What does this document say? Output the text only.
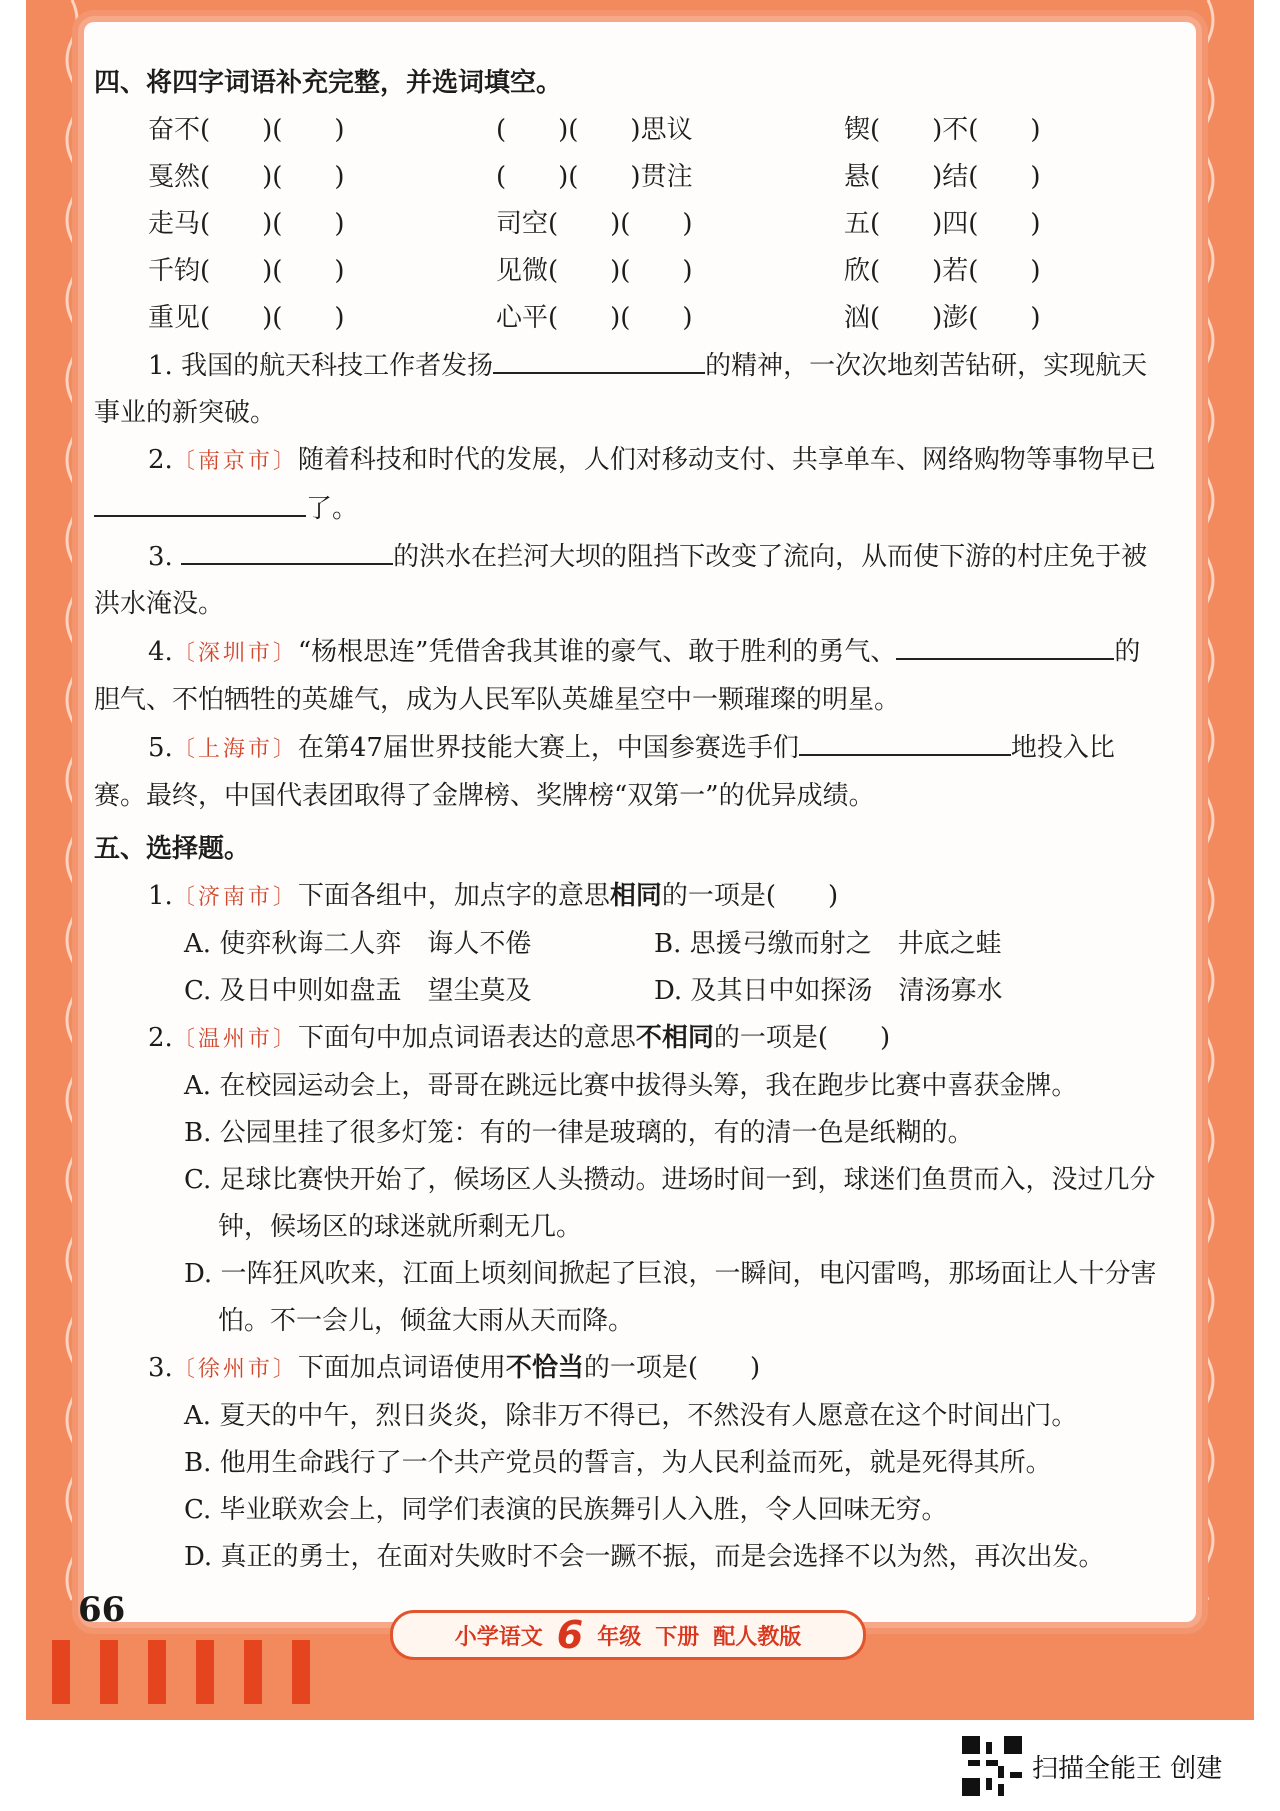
四、将四字词语补充完整，并选词填空。
奋不(　　)(　　)	(　　)(　　)思议	锲(　　)不(　　)
戛然(　　)(　　)	(　　)(　　)贯注	悬(　　)结(　　)
走马(　　)(　　)	司空(　　)(　　)	五(　　)四(　　)
千钧(　　)(　　)	见微(　　)(　　)	欣(　　)若(　　)
重见(　　)(　　)	心平(　　)(　　)	汹(　　)澎(　　)

1. 我国的航天科技工作者发扬	的精神，一次次地刻苦钻研，实现航天事业的新突破。

2.〔南京市〕随着科技和时代的发展，人们对移动支付、共享单车、网络购物等事物早已了。

3.	的洪水在拦河大坝的阻挡下改变了流向，从而使下游的村庄免于被洪水淹没。

4.〔深圳市〕“杨根思连”凭借舍我其谁的豪气、敢于胜利的勇气、	的胆气、不怕牺牲的英雄气，成为人民军队英雄星空中一颗璀璨的明星。

5.〔上海市〕在第47届世界技能大赛上，中国参赛选手们	地投入比赛。最终，中国代表团取得了金牌榜、奖牌榜“双第一”的优异成绩。

五、选择题。

1.〔济南市〕下面各组中，加点字的意思相同的一项是(　　)

A. 使弈秋诲二人弈　 诲人不倦	B. 思援弓缴而射之　 井底之蛙
C. 及日中则如盘盂　 望尘莫及	D. 及其日中如探汤　 清汤寡水

2.〔温州市〕下面句中加点词语表达的意思不相同的一项是(　　)

A. 在校园运动会上，哥哥在跳远比赛中拔得头筹，我在跑步比赛中喜获金牌。
B. 公园里挂了很多灯笼：有的一律是玻璃的，有的清一色是纸糊的。
C. 足球比赛快开始了，候场区人头攒动。进场时间一到，球迷们鱼贯而入，没过几分钟，候场区的球迷就所剩无几。
D. 一阵狂风吹来，江面上顷刻间掀起了巨浪，一瞬间，电闪雷鸣，那场面让人十分害怕。不一会儿，倾盆大雨从天而降。

3.〔徐州市〕下面加点词语使用不恰当的一项是(　　)

A. 夏天的中午，烈日炎炎，除非万不得已，不然没有人愿意在这个时间出门。
B. 他用生命践行了一个共产党员的誓言，为人民利益而死，就是死得其所。
C. 毕业联欢会上，同学们表演的民族舞引人入胜，令人回味无穷。
D. 真正的勇士，在面对失败时不会一蹶不振，而是会选择不以为然，再次出发。
66
小学语文 6 年级 下册 配人教版
扫描全能王 创建
